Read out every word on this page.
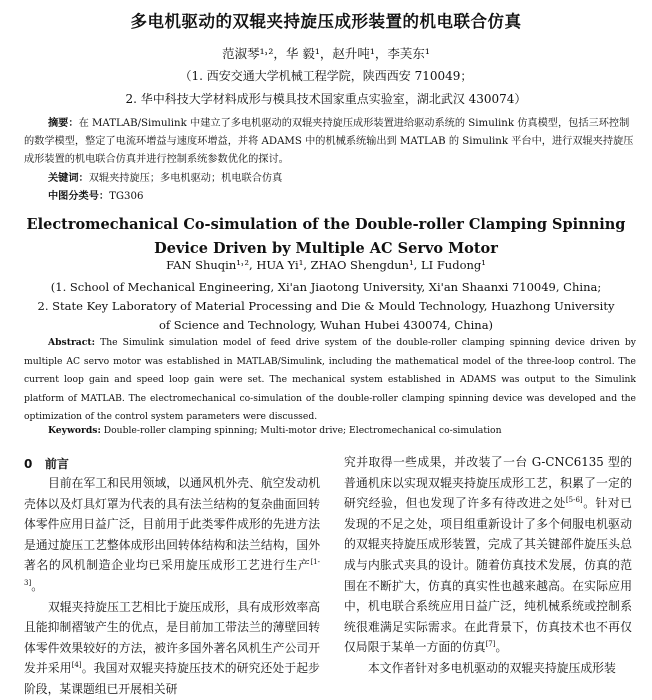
多电机驱动的双辊夹持旋压成形装置的机电联合仿真
范淑琴¹˒²，华 毅¹，赵升吨¹，李芙东¹
（1. 西安交通大学机械工程学院，陕西西安 710049；
2. 华中科技大学材料成形与模具技术国家重点实验室，湖北武汉 430074）
摘要：在 MATLAB/Simulink 中建立了多电机驱动的双辊夹持旋压成形装置进给驱动系统的 Simulink 仿真模型，包括三环控制的数学模型，整定了电流环增益与速度环增益，并将 ADAMS 中的机械系统输出到 MATLAB 的 Simulink 平台中，进行双辊夹持旋压成形装置的机电联合仿真并进行控制系统参数优化的探讨。
关键词：双辊夹持旋压；多电机驱动；机电联合仿真
中图分类号：TG306
Electromechanical Co-simulation of the Double-roller Clamping Spinning
Device Driven by Multiple AC Servo Motor
FAN Shuqin¹˒², HUA Yi¹, ZHAO Shengdun¹, LI Fudong¹
(1. School of Mechanical Engineering, Xi'an Jiaotong University, Xi'an Shaanxi 710049, China;
2. State Key Laboratory of Material Processing and Die & Mould Technology, Huazhong University
of Science and Technology, Wuhan Hubei 430074, China)
Abstract: The Simulink simulation model of feed drive system of the double-roller clamping spinning device driven by multiple AC servo motor was established in MATLAB/Simulink, including the mathematical model of the three-loop control. The current loop gain and speed loop gain were set. The mechanical system established in ADAMS was output to the Simulink platform of MATLAB. The electromechanical co-simulation of the double-roller clamping spinning device was developed and the optimization of the control system parameters were discussed.
Keywords: Double-roller clamping spinning; Multi-motor drive; Electromechanical co-simulation
0 前言

目前在军工和民用领域，以通风机外壳、航空发动机壳体以及灯具灯罩为代表的具有法兰结构的复杂曲面回转体零件应用日益广泛，目前用于此类零件成形的先进方法是通过旋压工艺整体成形出回转体结构和法兰结构，国外著名的风机制造企业均已采用旋压成形工艺进行生产[1-3]。

双辊夹持旋压工艺相比于旋压成形，具有成形效率高且能抑制褶皱产生的优点，是目前加工带法兰的薄壁回转体零件效果较好的方法，被许多国外著名风机生产公司开发并采用[4]。我国对双辊夹持旋压技术的研究还处于起步阶段，某课题组已开展相关研

究并取得一些成果，并改装了一台 G-CNC6135 型的普通机床以实现双辊夹持旋压成形工艺，积累了一定的研究经验，但也发现了许多有待改进之处[5-6]。针对已发现的不足之处，项目组重新设计了多个伺服电机驱动的双辊夹持旋压成形装置，完成了其关键部件旋压头总成与内胀式夹具的设计。随着仿真技术发展，仿真的范围在不断扩大，仿真的真实性也越来越高。在实际应用中，机电联合系统应用日益广泛，纯机械系统或控制系统很难满足实际需求。在此背景下，仿真技术也不再仅仅局限于某单一方面的仿真[7]。

本文作者针对多电机驱动的双辊夹持旋压成形装
